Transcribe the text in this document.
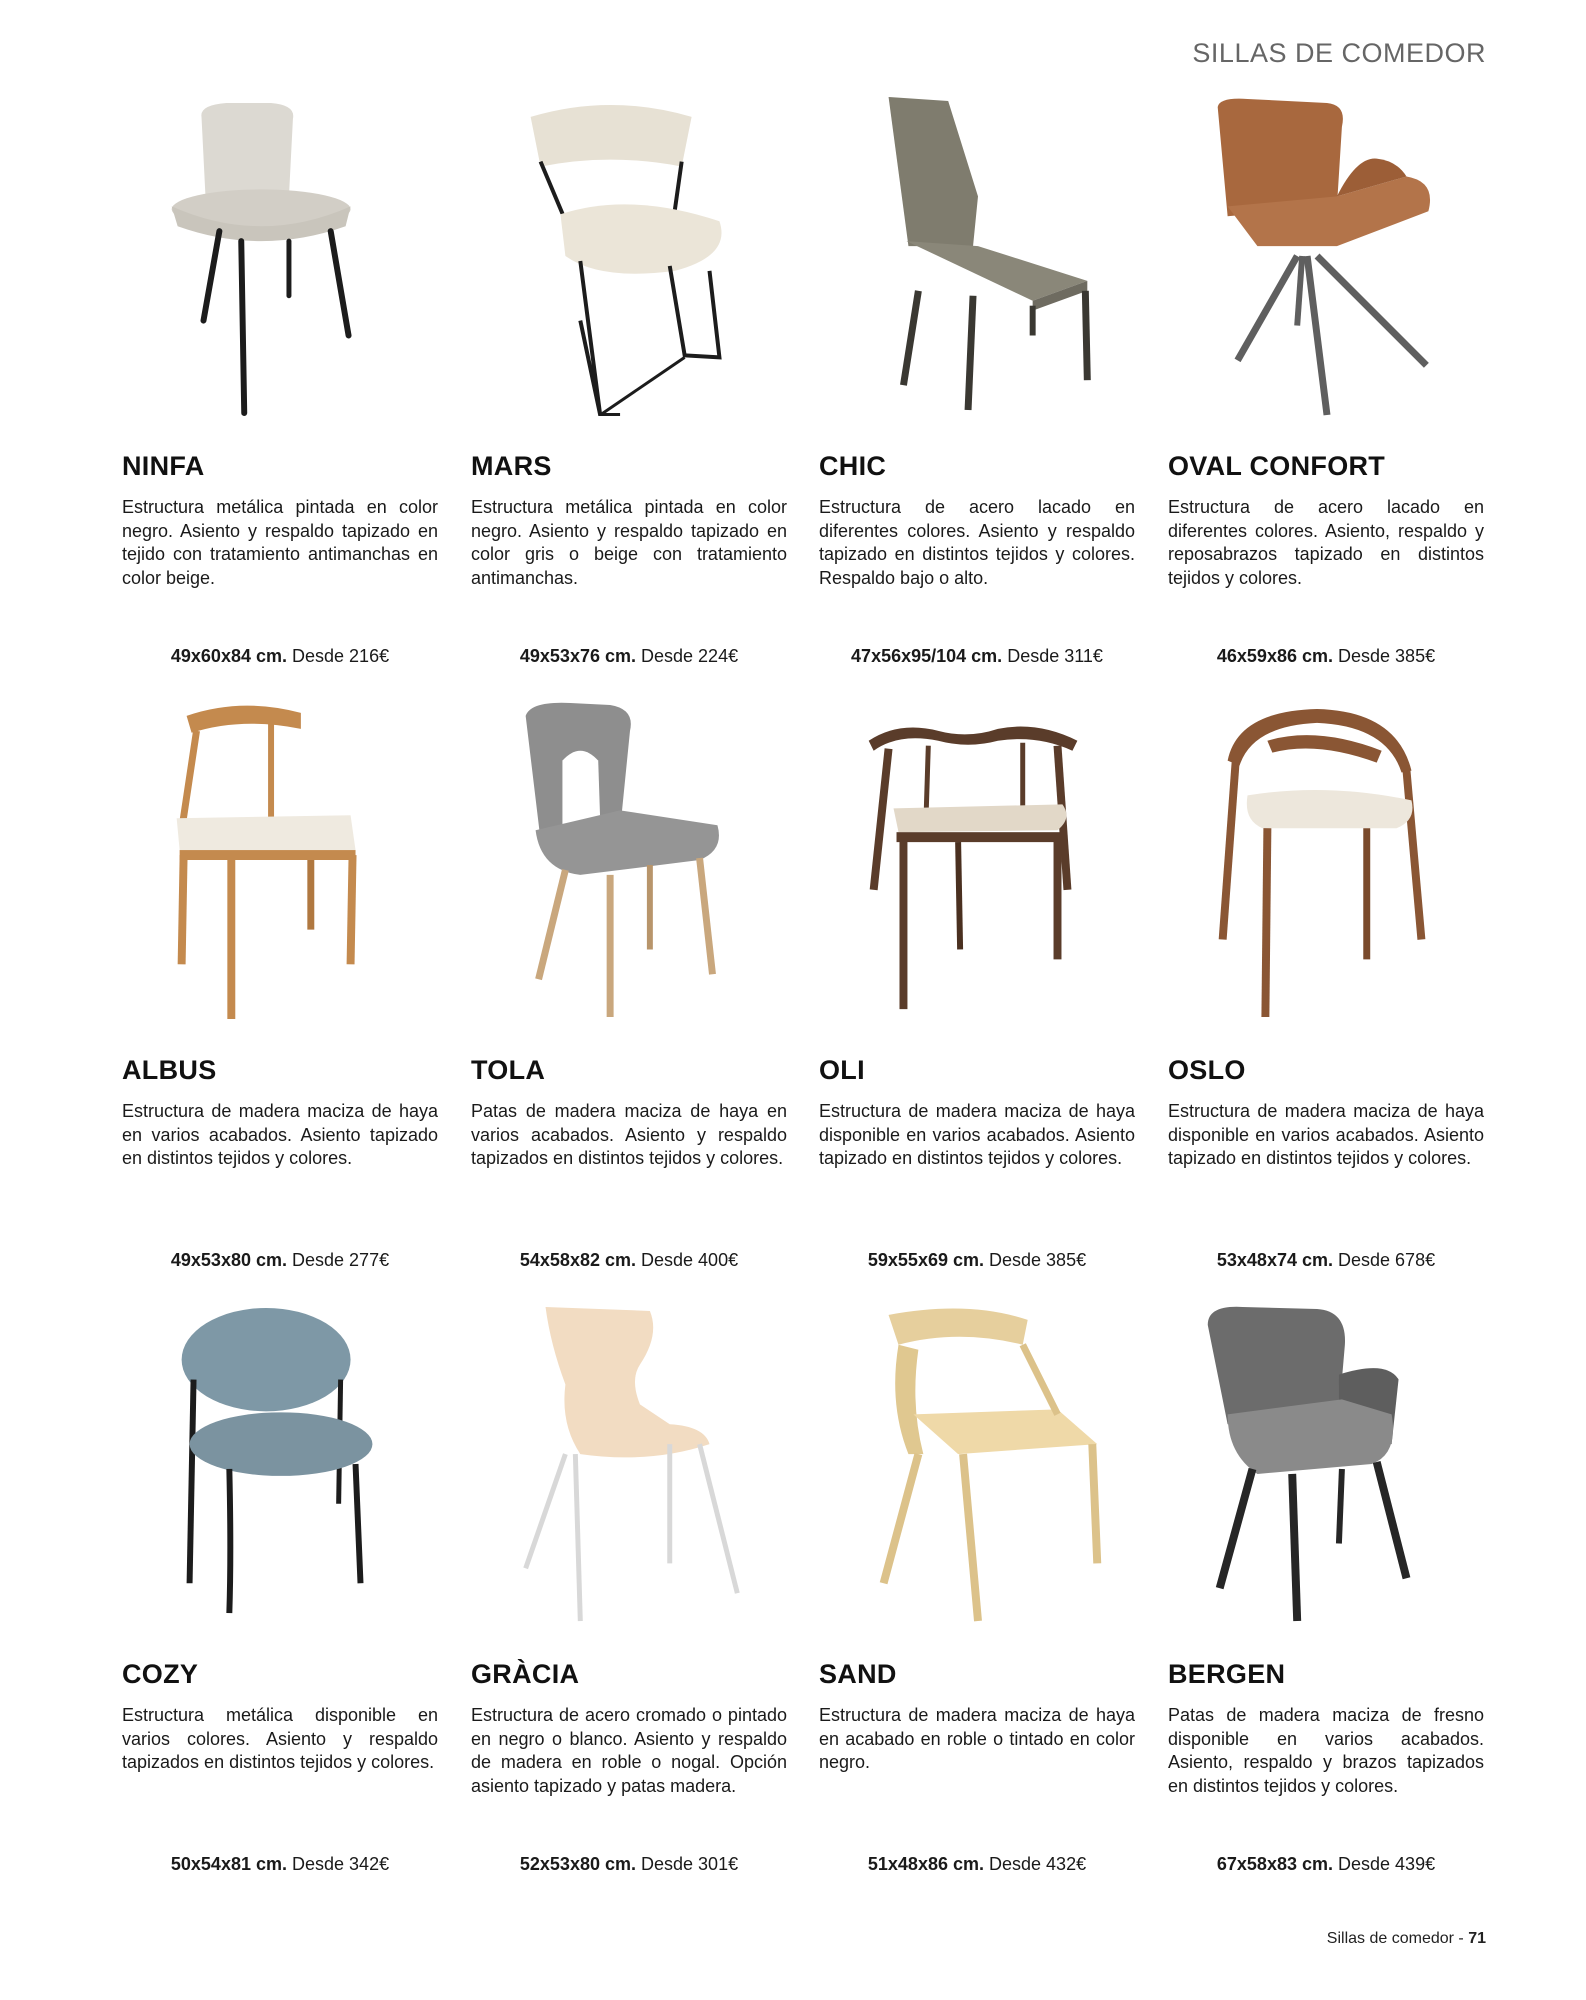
SILLAS DE COMEDOR
NINFA

Estructura metálica pintada en color negro. Asiento y respaldo tapizado en tejido con tratamiento antimanchas en color beige.

49x60x84 cm. Desde 216€
MARS

Estructura metálica pintada en color negro. Asiento y respaldo tapizado en color gris o beige con tratamiento antimanchas.

49x53x76 cm. Desde 224€
CHIC

Estructura de acero lacado en diferentes colores. Asiento y respaldo tapizado en distintos tejidos y colores. Respaldo bajo o alto.

47x56x95/104 cm. Desde 311€
OVAL CONFORT

Estructura de acero lacado en diferentes colores. Asiento, respaldo y reposabrazos tapizado en distintos tejidos y colores.

46x59x86 cm. Desde 385€
ALBUS

Estructura de madera maciza de haya en varios acabados. Asiento tapizado en distintos tejidos y colores.

49x53x80 cm. Desde 277€
TOLA

Patas de madera maciza de haya en varios acabados. Asiento y respaldo tapizados en distintos tejidos y colores.

54x58x82 cm. Desde 400€
OLI

Estructura de madera maciza de haya disponible en varios acabados. Asiento tapizado en distintos tejidos y colores.

59x55x69 cm. Desde 385€
OSLO

Estructura de madera maciza de haya disponible en varios acabados. Asiento tapizado en distintos tejidos y colores.

53x48x74 cm. Desde 678€
COZY

Estructura metálica disponible en varios colores. Asiento y respaldo tapizados en distintos tejidos y colores.

50x54x81 cm. Desde 342€
GRÀCIA

Estructura de acero cromado o pintado en negro o blanco. Asiento y respaldo de madera en roble o nogal. Opción asiento tapizado y patas madera.

52x53x80 cm. Desde 301€
SAND

Estructura de madera maciza de haya en acabado en roble o tintado en color negro.

51x48x86 cm. Desde 432€
BERGEN

Patas de madera maciza de fresno disponible en varios acabados. Asiento, respaldo y brazos tapizados en distintos tejidos y colores.

67x58x83 cm. Desde 439€
Sillas de comedor - 71
